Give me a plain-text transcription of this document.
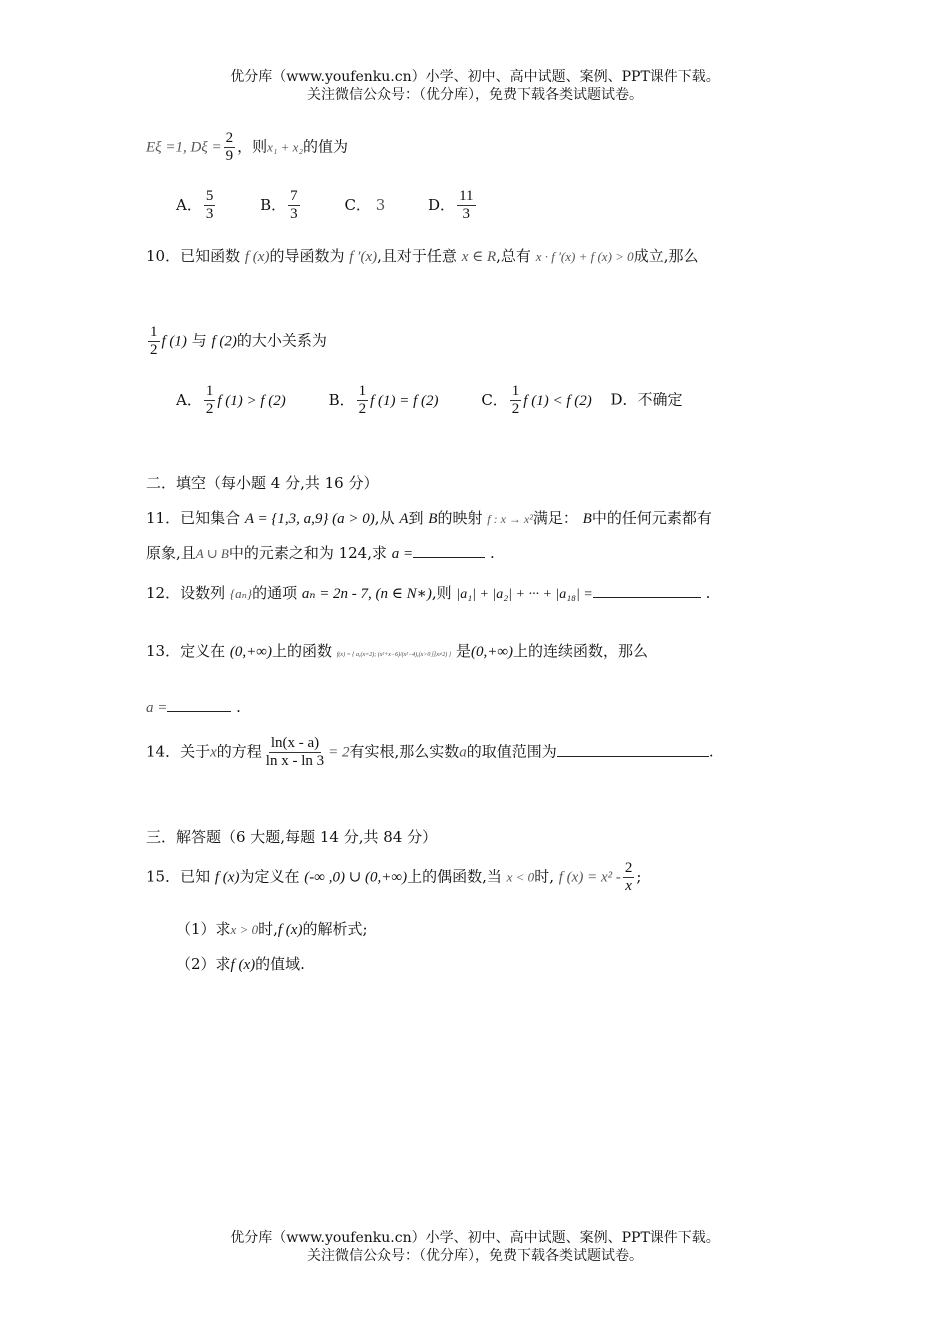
优分库（www.youfenku.cn）小学、初中、高中试题、案例、PPT课件下载。
关注微信公众号：（优分库），免费下载各类试题试卷。
Eξ =1, $D\xi = \frac{2}{9}$ ，则x₁ + x₂的值为
A． $\frac{5}{3}$	B． $\frac{7}{3}$	C． 3	D． $\frac{11}{3}$
10．已知函数 f (x)的导函数为 f ′(x),且对于任意 x ∈ R,总有 x · f ′(x) + f (x) > 0成立,那么
$\frac{1}{2}$ f (1) 与 f (2)的大小关系为
A． $\frac{1}{2}$ f (1) > f (2)	B． $\frac{1}{2}$ f (1) = f (2)	C． $\frac{1}{2}$ f (1) < f (2) D．不确定
二．填空（每小题 4 分,共 16 分）
11．已知集合 A = {1,3, a,9} (a > 0),从 A到 B的映射 f : x → x²满足： B中的任何元素都有
原象,且A ∪ B中的元素之和为 124,求 a =	.
12．设数列 {aₙ}的通项 aₙ = 2n - 7, (n ∈ N∗),则 |a₁| + |a₂| + ··· + |a₁₈| =	.
13．定义在 (0,+∞)上的函数 f(x) = { a,(x=2); (x²+x−6)/(x²−4),(x>0且x≠2) } 是(0,+∞)上的连续函数，那么
a =	.
14．关于x的方程 $\frac{\ln(x - a)}{\text{ln x - ln 3}} = 2$有实根,那么实数a的取值范围为	.
三．解答题（6 大题,每题 14 分,共 84 分）
15．已知 f (x)为定义在 (-∞ ,0) ∪ (0,+∞)上的偶函数,当 x < 0时, f $(x) = x^2 - \frac{2}{x}$ ;
（1）求x > 0时,f (x)的解析式;
（2）求f (x)的值域.
优分库（www.youfenku.cn）小学、初中、高中试题、案例、PPT课件下载。
关注微信公众号：（优分库），免费下载各类试题试卷。
